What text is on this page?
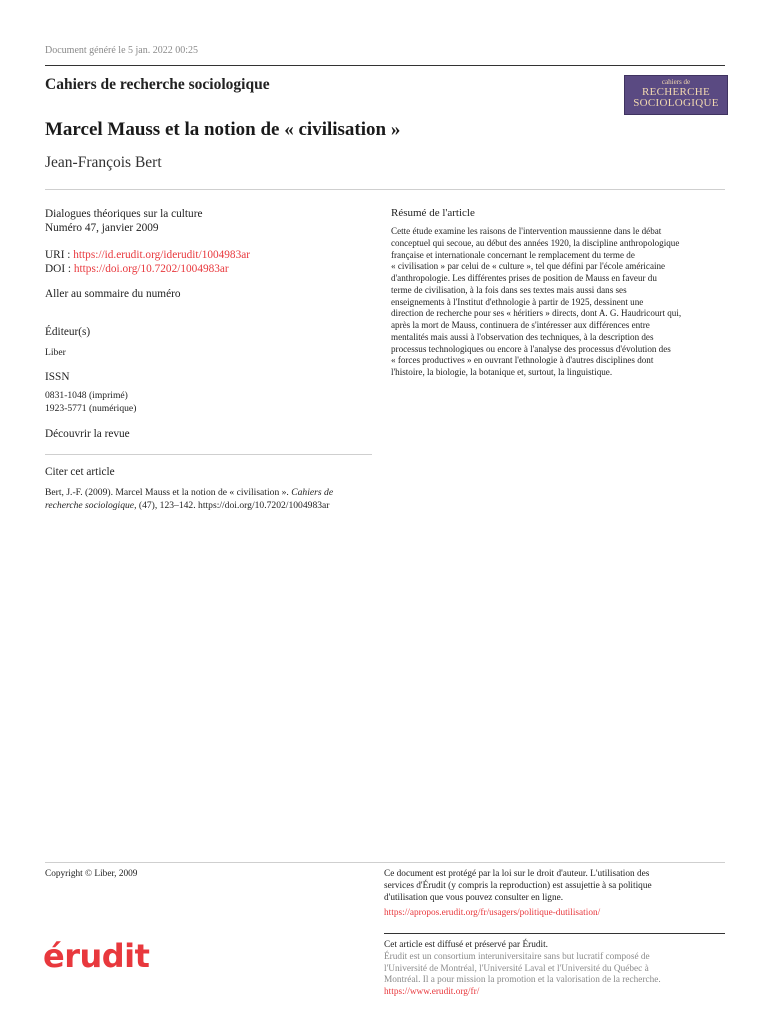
Document généré le 5 jan. 2022 00:25
Cahiers de recherche sociologique	cahiers de
RECHERCHE
SOCIOLOGIQUE
Marcel Mauss et la notion de « civilisation »
Jean-François Bert
Dialogues théoriques sur la culture
Numéro 47, janvier 2009
URI : https://id.erudit.org/iderudit/1004983ar
DOI : https://doi.org/10.7202/1004983ar
Aller au sommaire du numéro
Éditeur(s)
Liber
ISSN
0831-1048 (imprimé)
1923-5771 (numérique)
Découvrir la revue
Citer cet article
Bert, J.-F. (2009). Marcel Mauss et la notion de « civilisation ». Cahiers de recherche sociologique, (47), 123–142. https://doi.org/10.7202/1004983ar
Résumé de l'article
Cette étude examine les raisons de l'intervention maussienne dans le débat
conceptuel qui secoue, au début des années 1920, la discipline anthropologique
française et internationale concernant le remplacement du terme de
« civilisation » par celui de « culture », tel que défini par l'école américaine
d'anthropologie. Les différentes prises de position de Mauss en faveur du
terme de civilisation, à la fois dans ses textes mais aussi dans ses
enseignements à l'Institut d'ethnologie à partir de 1925, dessinent une
direction de recherche pour ses « héritiers » directs, dont A. G. Haudricourt qui,
après la mort de Mauss, continuera de s'intéresser aux différences entre
mentalités mais aussi à l'observation des techniques, à la description des
processus technologiques ou encore à l'analyse des processus d'évolution des
« forces productives » en ouvrant l'ethnologie à d'autres disciplines dont
l'histoire, la biologie, la botanique et, surtout, la linguistique.
Copyright © Liber, 2009	Ce document est protégé par la loi sur le droit d'auteur. L'utilisation des
services d'Érudit (y compris la reproduction) est assujettie à sa politique
d'utilisation que vous pouvez consulter en ligne.
https://apropos.erudit.org/fr/usagers/politique-dutilisation/
érudit	Cet article est diffusé et préservé par Érudit.
Érudit est un consortium interuniversitaire sans but lucratif composé de
l'Université de Montréal, l'Université Laval et l'Université du Québec à
Montréal. Il a pour mission la promotion et la valorisation de la recherche.
https://www.erudit.org/fr/
